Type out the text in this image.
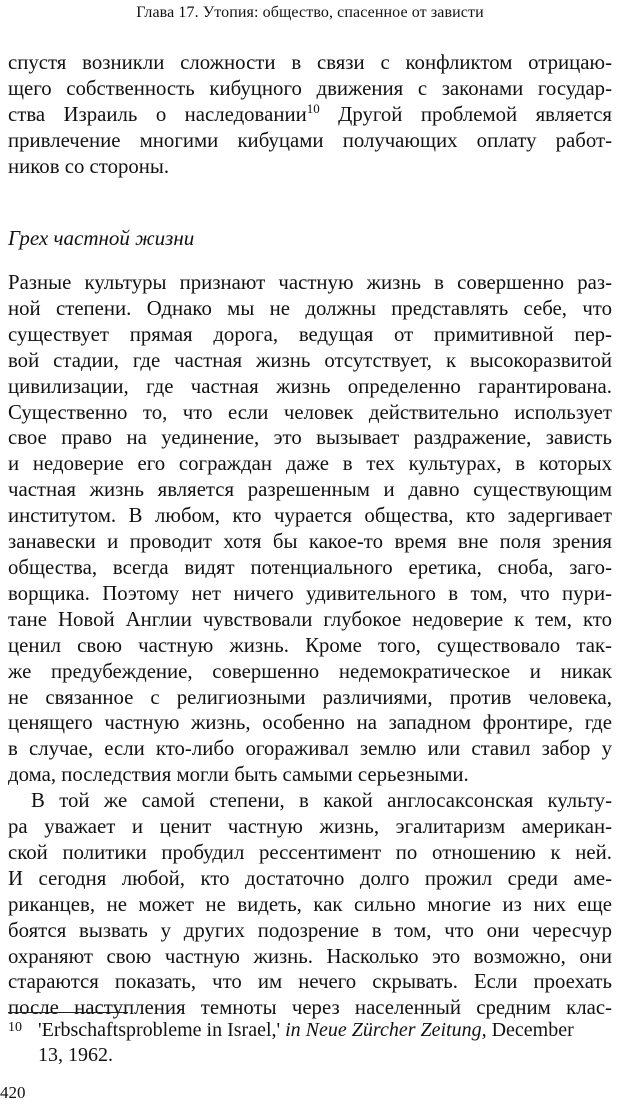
Глава 17. Утопия: общество, спасенное от зависти
спустя возникли сложности в связи с конфликтом отрицаю-
щего собственность кибуцного движения с законами государ-
ства Израиль о наследовании$^{10}$ Другой проблемой является
привлечение многими кибуцами получающих оплату работ-
ников со стороны.
Грех частной жизни
Разные культуры признают частную жизнь в совершенно раз-
ной степени. Однако мы не должны представлять себе, что
существует прямая дорога, ведущая от примитивной пер-
вой стадии, где частная жизнь отсутствует, к высокоразвитой
цивилизации, где частная жизнь определенно гарантирована.
Существенно то, что если человек действительно использует
свое право на уединение, это вызывает раздражение, зависть
и недоверие его сограждан даже в тех культурах, в которых
частная жизнь является разрешенным и давно существующим
институтом. В любом, кто чурается общества, кто задергивает
занавески и проводит хотя бы какое-то время вне поля зрения
общества, всегда видят потенциального еретика, сноба, заго-
ворщика. Поэтому нет ничего удивительного в том, что пури-
тане Новой Англии чувствовали глубокое недоверие к тем, кто
ценил свою частную жизнь. Кроме того, существовало так-
же предубеждение, совершенно недемократическое и никак
не связанное с религиозными различиями, против человека,
ценящего частную жизнь, особенно на западном фронтире, где
в случае, если кто-либо огораживал землю или ставил забор у
дома, последствия могли быть самыми серьезными.
В той же самой степени, в какой англосаксонская культу-
ра уважает и ценит частную жизнь, эгалитаризм американ-
ской политики пробудил рессентимент по отношению к ней.
И сегодня любой, кто достаточно долго прожил среди аме-
риканцев, не может не видеть, как сильно многие из них еще
боятся вызвать у других подозрение в том, что они чересчур
охраняют свою частную жизнь. Насколько это возможно, они
стараются показать, что им нечего скрывать. Если проехать
после наступления темноты через населенный средним клас-
10 'Erbschaftsprobleme in Israel,' in Neue Zürcher Zeitung, December
13, 1962.
420
